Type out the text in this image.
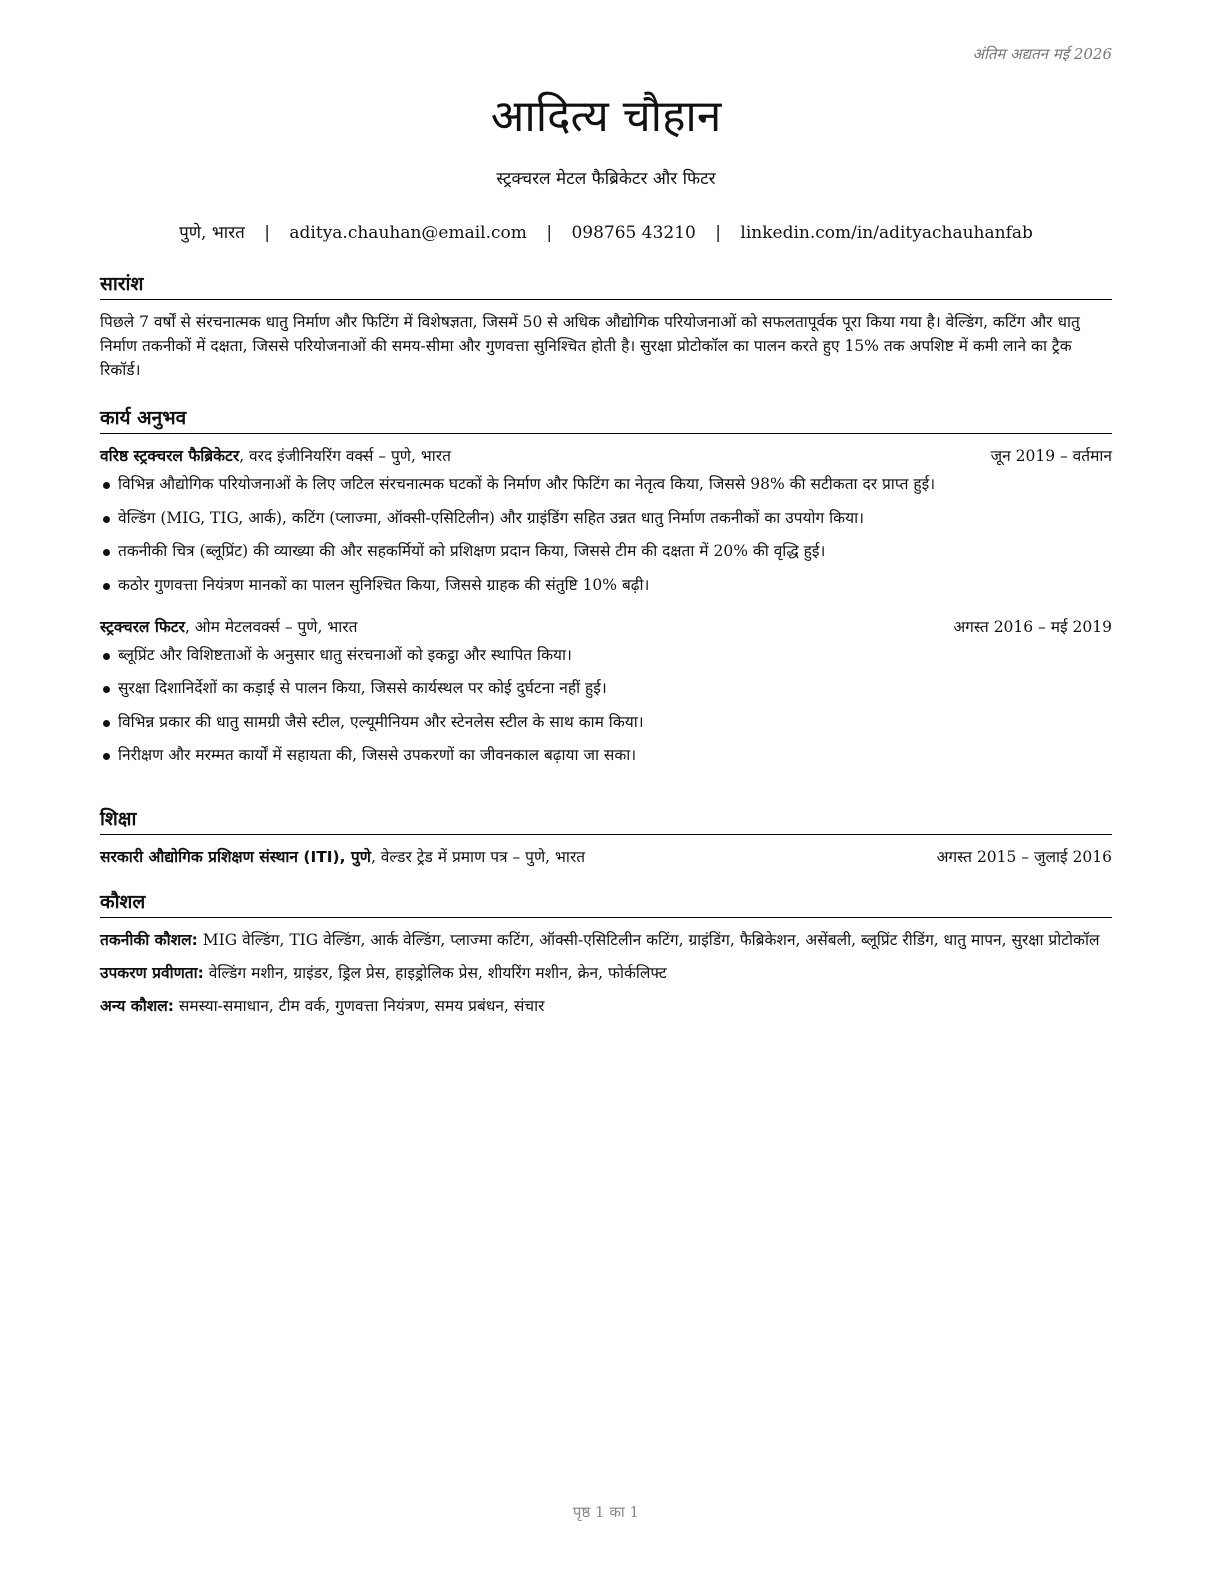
अंतिम अद्यतन मई 2026
आदित्य चौहान
स्ट्रक्चरल मेटल फैब्रिकेटर और फिटर
पुणे, भारत | aditya.chauhan@email.com | 098765 43210 | linkedin.com/in/adityachauhanfab
सारांश
पिछले 7 वर्षों से संरचनात्मक धातु निर्माण और फिटिंग में विशेषज्ञता, जिसमें 50 से अधिक औद्योगिक परियोजनाओं को सफलतापूर्वक पूरा किया गया है। वेल्डिंग, कटिंग और धातु निर्माण तकनीकों में दक्षता, जिससे परियोजनाओं की समय-सीमा और गुणवत्ता सुनिश्चित होती है। सुरक्षा प्रोटोकॉल का पालन करते हुए 15% तक अपशिष्ट में कमी लाने का ट्रैक रिकॉर्ड।
कार्य अनुभव
वरिष्ठ स्ट्रक्चरल फैब्रिकेटर, वरद इंजीनियरिंग वर्क्स – पुणे, भारत	जून 2019 – वर्तमान
विभिन्न औद्योगिक परियोजनाओं के लिए जटिल संरचनात्मक घटकों के निर्माण और फिटिंग का नेतृत्व किया, जिससे 98% की सटीकता दर प्राप्त हुई।
वेल्डिंग (MIG, TIG, आर्क), कटिंग (प्लाज्मा, ऑक्सी-एसिटिलीन) और ग्राइंडिंग सहित उन्नत धातु निर्माण तकनीकों का उपयोग किया।
तकनीकी चित्र (ब्लूप्रिंट) की व्याख्या की और सहकर्मियों को प्रशिक्षण प्रदान किया, जिससे टीम की दक्षता में 20% की वृद्धि हुई।
कठोर गुणवत्ता नियंत्रण मानकों का पालन सुनिश्चित किया, जिससे ग्राहक की संतुष्टि 10% बढ़ी।
स्ट्रक्चरल फिटर, ओम मेटलवर्क्स – पुणे, भारत	अगस्त 2016 – मई 2019
ब्लूप्रिंट और विशिष्टताओं के अनुसार धातु संरचनाओं को इकट्ठा और स्थापित किया।
सुरक्षा दिशानिर्देशों का कड़ाई से पालन किया, जिससे कार्यस्थल पर कोई दुर्घटना नहीं हुई।
विभिन्न प्रकार की धातु सामग्री जैसे स्टील, एल्यूमीनियम और स्टेनलेस स्टील के साथ काम किया।
निरीक्षण और मरम्मत कार्यों में सहायता की, जिससे उपकरणों का जीवनकाल बढ़ाया जा सका।
शिक्षा
सरकारी औद्योगिक प्रशिक्षण संस्थान (ITI), पुणे, वेल्डर ट्रेड में प्रमाण पत्र – पुणे, भारत	अगस्त 2015 – जुलाई 2016
कौशल
तकनीकी कौशल: MIG वेल्डिंग, TIG वेल्डिंग, आर्क वेल्डिंग, प्लाज्मा कटिंग, ऑक्सी-एसिटिलीन कटिंग, ग्राइंडिंग, फैब्रिकेशन, असेंबली, ब्लूप्रिंट रीडिंग, धातु मापन, सुरक्षा प्रोटोकॉल
उपकरण प्रवीणता: वेल्डिंग मशीन, ग्राइंडर, ड्रिल प्रेस, हाइड्रोलिक प्रेस, शीयरिंग मशीन, क्रेन, फोर्कलिफ्ट
अन्य कौशल: समस्या-समाधान, टीम वर्क, गुणवत्ता नियंत्रण, समय प्रबंधन, संचार
पृष्ठ 1 का 1
